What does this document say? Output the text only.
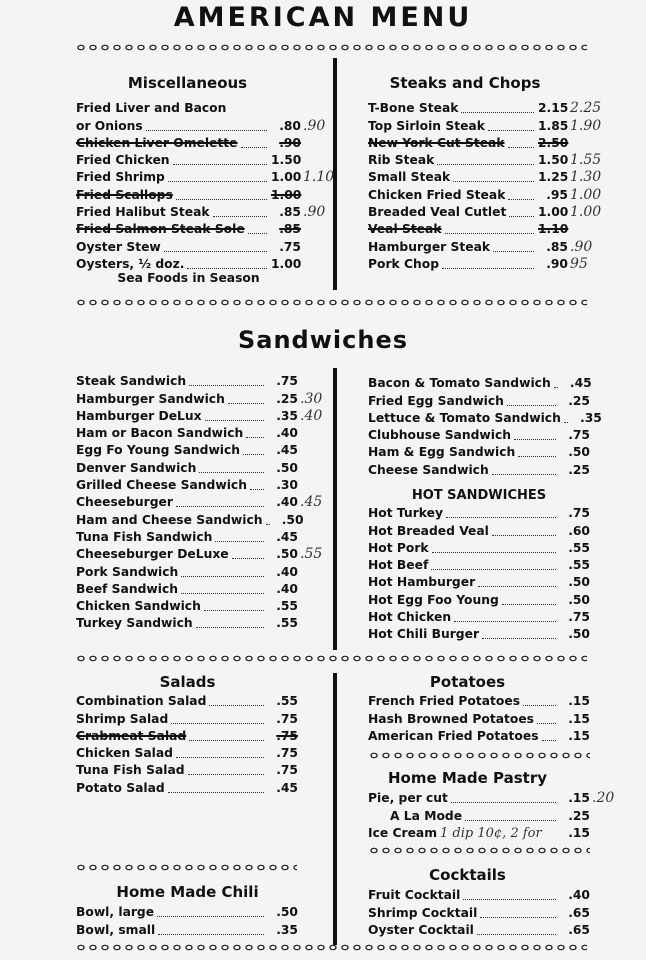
AMERICAN MENU
Miscellaneous
Fried Liver and Bacon
or Onions	.80 .90
Chicken Liver Omelette	.90
Fried Chicken	1.50
Fried Shrimp	1.00 1.10
Fried Scallops	1.00
Fried Halibut Steak	.85 .90
Fried Salmon Steak Sole	.85
Oyster Stew	.75
Oysters, ½ doz.	1.00
Sea Foods in Season
Steaks and Chops
T-Bone Steak	2.15 2.25
Top Sirloin Steak	1.85 1.90
New York Cut Steak	2.50
Rib Steak	1.50 1.55
Small Steak	1.25 1.30
Chicken Fried Steak	.95 1.00
Breaded Veal Cutlet	1.00 1.00
Veal Steak	1.10
Hamburger Steak	.85 .90
Pork Chop	.90 95
Sandwiches
Steak Sandwich	.75
Hamburger Sandwich	.25 .30
Hamburger DeLux	.35 .40
Ham or Bacon Sandwich	.40
Egg Fo Young Sandwich	.45
Denver Sandwich	.50
Grilled Cheese Sandwich	.30
Cheeseburger	.40 .45
Ham and Cheese Sandwich	.50
Tuna Fish Sandwich	.45
Cheeseburger DeLuxe	.50 .55
Pork Sandwich	.40
Beef Sandwich	.40
Chicken Sandwich	.55
Turkey Sandwich	.55
Bacon & Tomato Sandwich	.45
Fried Egg Sandwich	.25
Lettuce & Tomato Sandwich	.35
Clubhouse Sandwich	.75
Ham & Egg Sandwich	.50
Cheese Sandwich	.25
HOT SANDWICHES
Hot Turkey	.75
Hot Breaded Veal	.60
Hot Pork	.55
Hot Beef	.55
Hot Hamburger	.50
Hot Egg Foo Young	.50
Hot Chicken	.75
Hot Chili Burger	.50
Salads
Combination Salad	.55
Shrimp Salad	.75
Crabmeat Salad	.75
Chicken Salad	.75
Tuna Fish Salad	.75
Potato Salad	.45
Potatoes
French Fried Potatoes	.15
Hash Browned Potatoes	.15
American Fried Potatoes	.15
Home Made Pastry
Pie, per cut	.15 .20
A La Mode	.25
Ice Cream 1 dip 10¢, 2 for	.15
Home Made Chili
Bowl, large	.50
Bowl, small	.35
Cocktails
Fruit Cocktail	.40
Shrimp Cocktail	.65
Oyster Cocktail	.65
